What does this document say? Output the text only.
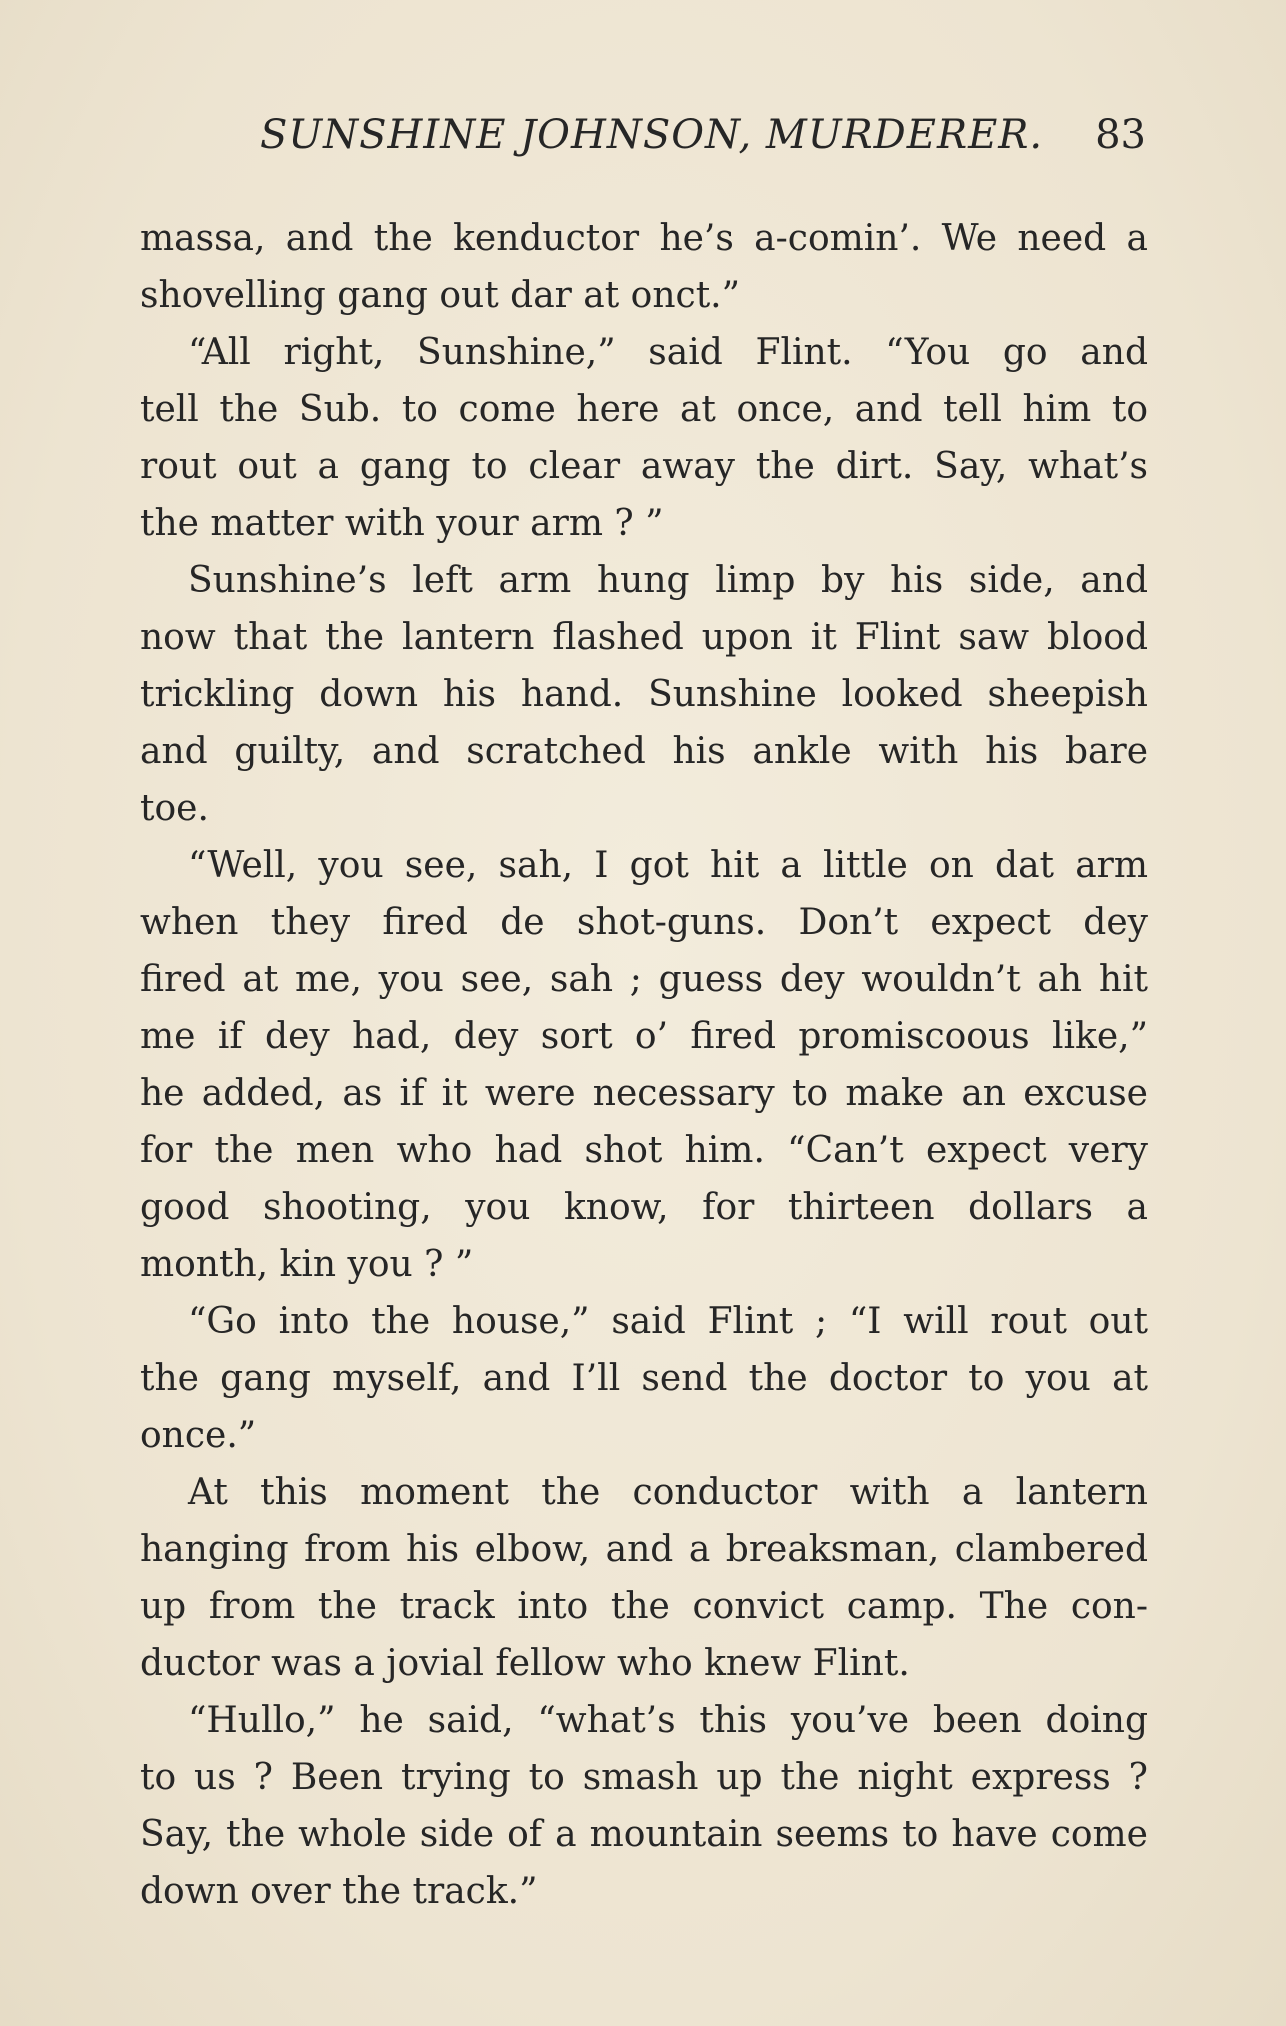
SUNSHINE JOHNSON, MURDERER. 83
massa, and the kenductor he’s a-comin’. We need a
shovelling gang out dar at onct.”
“All right, Sunshine,” said Flint. “You go and
tell the Sub. to come here at once, and tell him to
rout out a gang to clear away the dirt. Say, what’s
the matter with your arm ? ”
Sunshine’s left arm hung limp by his side, and
now that the lantern flashed upon it Flint saw blood
trickling down his hand. Sunshine looked sheepish
and guilty, and scratched his ankle with his bare
toe.
“Well, you see, sah, I got hit a little on dat arm
when they fired de shot-guns. Don’t expect dey
fired at me, you see, sah ; guess dey wouldn’t ah hit
me if dey had, dey sort o’ fired promiscoous like,”
he added, as if it were necessary to make an excuse
for the men who had shot him. “Can’t expect very
good shooting, you know, for thirteen dollars a
month, kin you ? ”
“Go into the house,” said Flint ; “I will rout out
the gang myself, and I’ll send the doctor to you at
once.”
At this moment the conductor with a lantern
hanging from his elbow, and a breaksman, clambered
up from the track into the convict camp. The con-
ductor was a jovial fellow who knew Flint.
“Hullo,” he said, “what’s this you’ve been doing
to us ? Been trying to smash up the night express ?
Say, the whole side of a mountain seems to have come
down over the track.”
